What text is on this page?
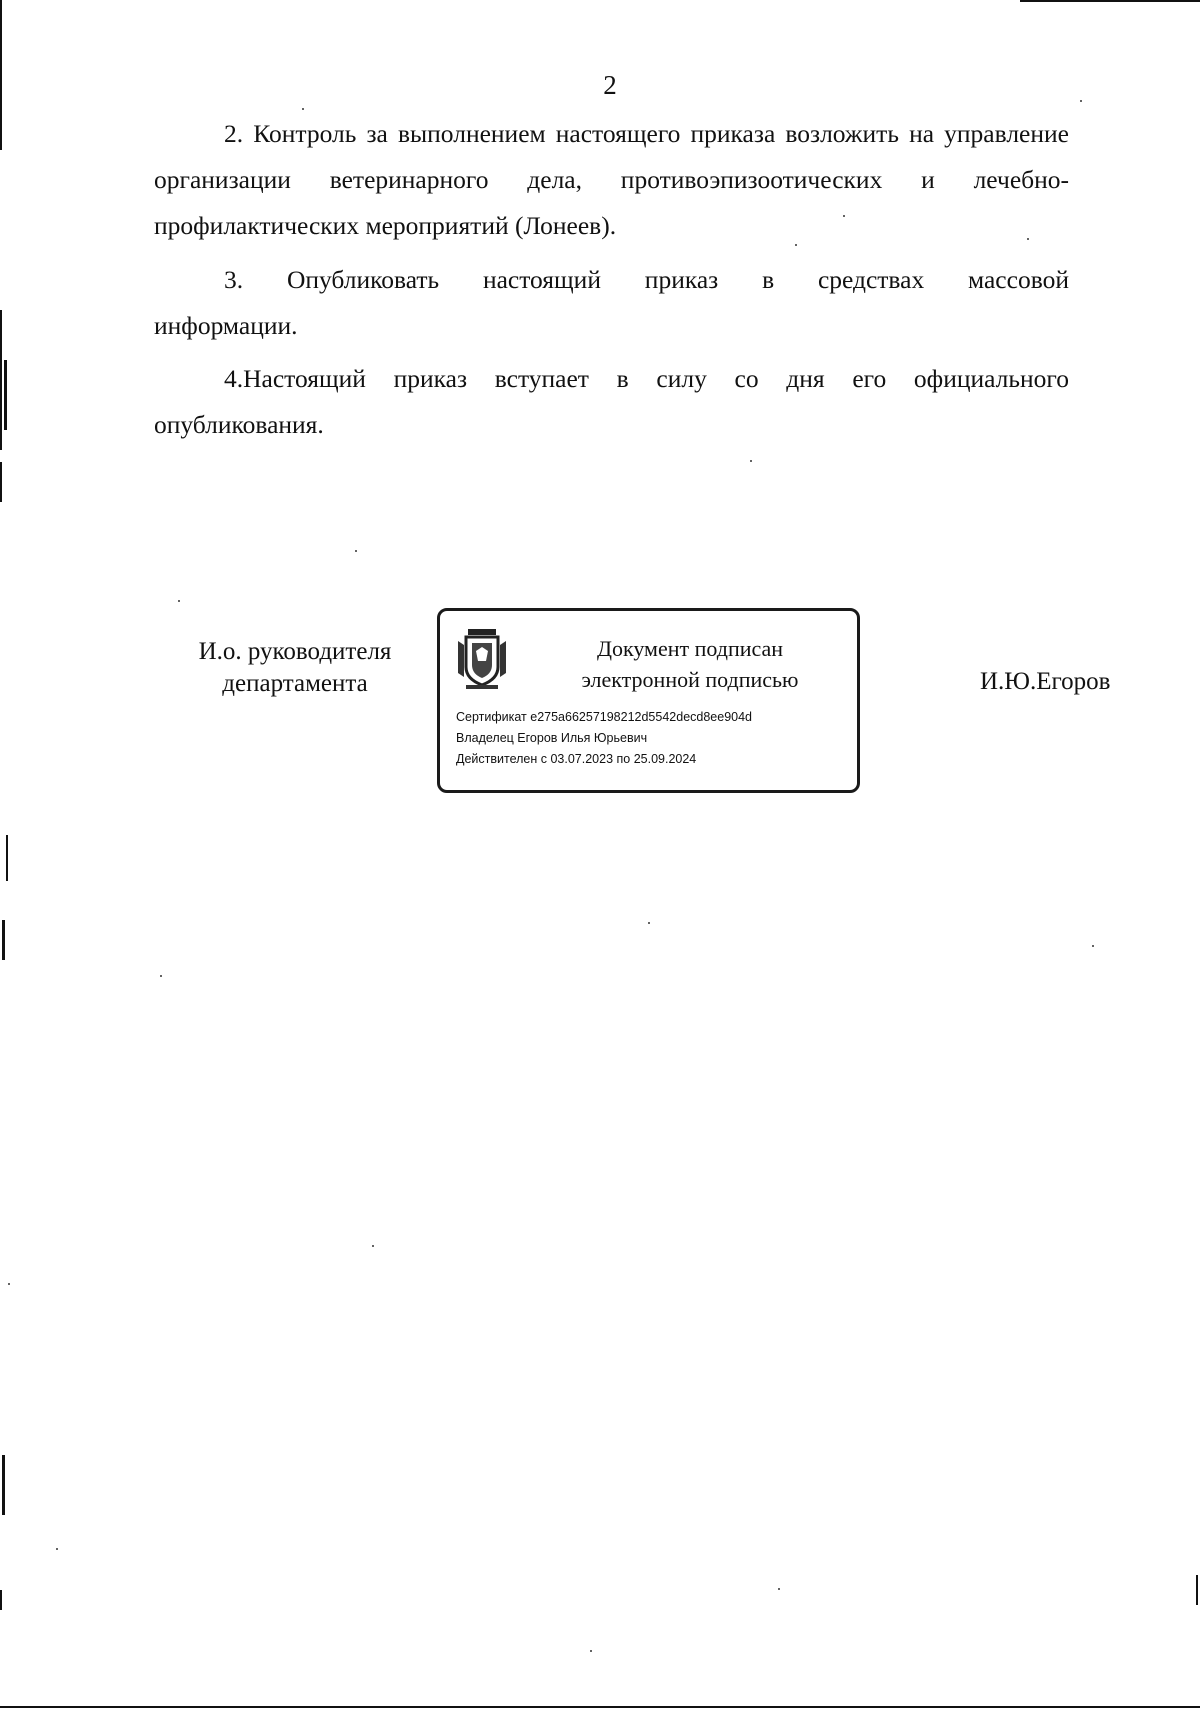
2

2. Контроль за выполнением настоящего приказа возложить на управление организации ветеринарного дела, противоэпизоотических и лечебно-профилактических мероприятий (Лонеев).

3. Опубликовать настоящий приказ в средствах массовой
информации.

4.Настоящий приказ вступает в силу со дня его официального опубликования.

И.о. руководителя
департамента
Документ подписан
электронной подписью
Сертификат e275a66257198212d5542decd8ee904d
Владелец Егоров Илья Юрьевич
Действителен с 03.07.2023 по 25.09.2024
И.Ю.Егоров
